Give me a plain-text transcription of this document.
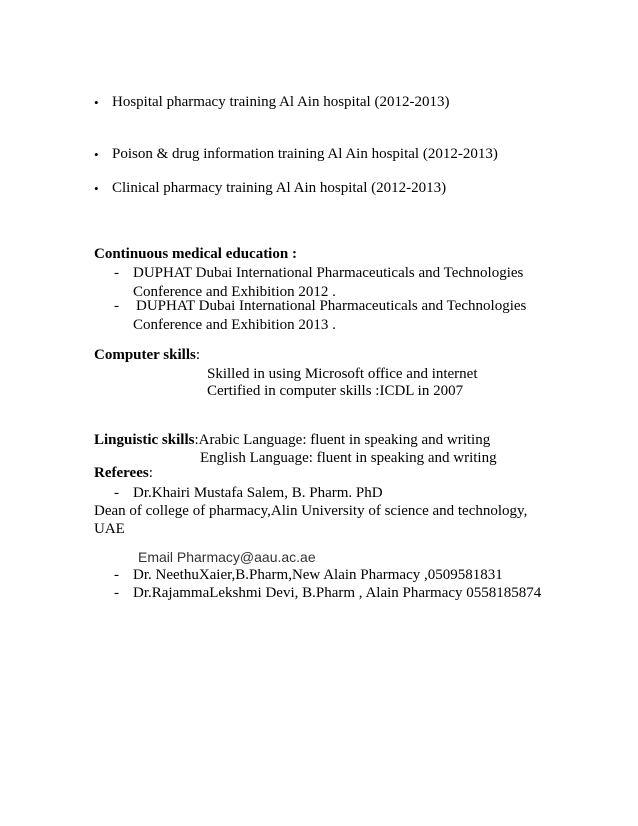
• Hospital pharmacy training Al Ain hospital (2012-2013)
• Poison & drug information training Al Ain hospital (2012-2013)
• Clinical pharmacy training Al Ain hospital (2012-2013)
Continuous medical education :
- DUPHAT Dubai International Pharmaceuticals and Technologies
Conference and Exhibition 2012 .
- DUPHAT Dubai International Pharmaceuticals and Technologies
Conference and Exhibition 2013 .
Computer skills:
Skilled in using Microsoft office and internet
Certified in computer skills :ICDL in 2007
Linguistic skills:Arabic Language: fluent in speaking and writing
English Language: fluent in speaking and writing
Referees:
- Dr.Khairi Mustafa Salem, B. Pharm. PhD
Dean of college of pharmacy,Alin University of science and technology,
UAE
Email Pharmacy@aau.ac.ae
- Dr. NeethuXaier,B.Pharm,New Alain Pharmacy ,0509581831
- Dr.RajammaLekshmi Devi, B.Pharm , Alain Pharmacy 0558185874
